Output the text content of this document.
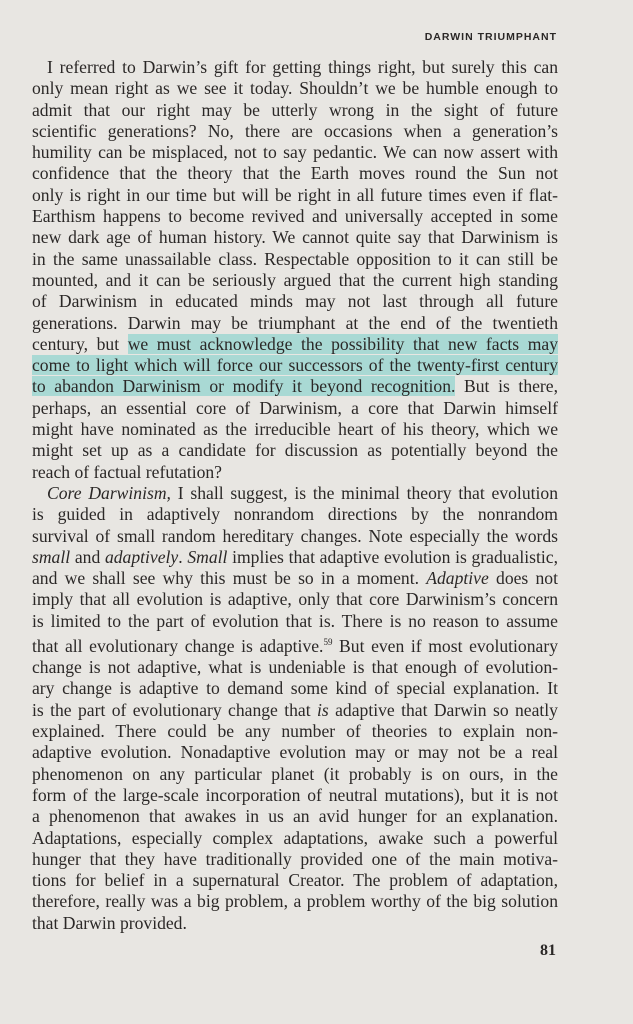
DARWIN TRIUMPHANT
I referred to Darwin’s gift for getting things right, but surely this can
only mean right as we see it today. Shouldn’t we be humble enough to
admit that our right may be utterly wrong in the sight of future
scientific generations? No, there are occasions when a generation’s
humility can be misplaced, not to say pedantic. We can now assert with
confidence that the theory that the Earth moves round the Sun not
only is right in our time but will be right in all future times even if flat-
Earthism happens to become revived and universally accepted in some
new dark age of human history. We cannot quite say that Darwinism is
in the same unassailable class. Respectable opposition to it can still be
mounted, and it can be seriously argued that the current high standing
of Darwinism in educated minds may not last through all future
generations. Darwin may be triumphant at the end of the twentieth
century, but we must acknowledge the possibility that new facts may
come to light which will force our successors of the twenty-first century
to abandon Darwinism or modify it beyond recognition. But is there,
perhaps, an essential core of Darwinism, a core that Darwin himself
might have nominated as the irreducible heart of his theory, which we
might set up as a candidate for discussion as potentially beyond the
reach of factual refutation?
Core Darwinism, I shall suggest, is the minimal theory that evolution
is guided in adaptively nonrandom directions by the nonrandom
survival of small random hereditary changes. Note especially the words
small and adaptively. Small implies that adaptive evolution is gradualistic,
and we shall see why this must be so in a moment. Adaptive does not
imply that all evolution is adaptive, only that core Darwinism’s concern
is limited to the part of evolution that is. There is no reason to assume
that all evolutionary change is adaptive.$^{59}$ But even if most evolutionary
change is not adaptive, what is undeniable is that enough of evolution-
ary change is adaptive to demand some kind of special explanation. It
is the part of evolutionary change that is adaptive that Darwin so neatly
explained. There could be any number of theories to explain non-
adaptive evolution. Nonadaptive evolution may or may not be a real
phenomenon on any particular planet (it probably is on ours, in the
form of the large-scale incorporation of neutral mutations), but it is not
a phenomenon that awakes in us an avid hunger for an explanation.
Adaptations, especially complex adaptations, awake such a powerful
hunger that they have traditionally provided one of the main motiva-
tions for belief in a supernatural Creator. The problem of adaptation,
therefore, really was a big problem, a problem worthy of the big solution
that Darwin provided.
81
